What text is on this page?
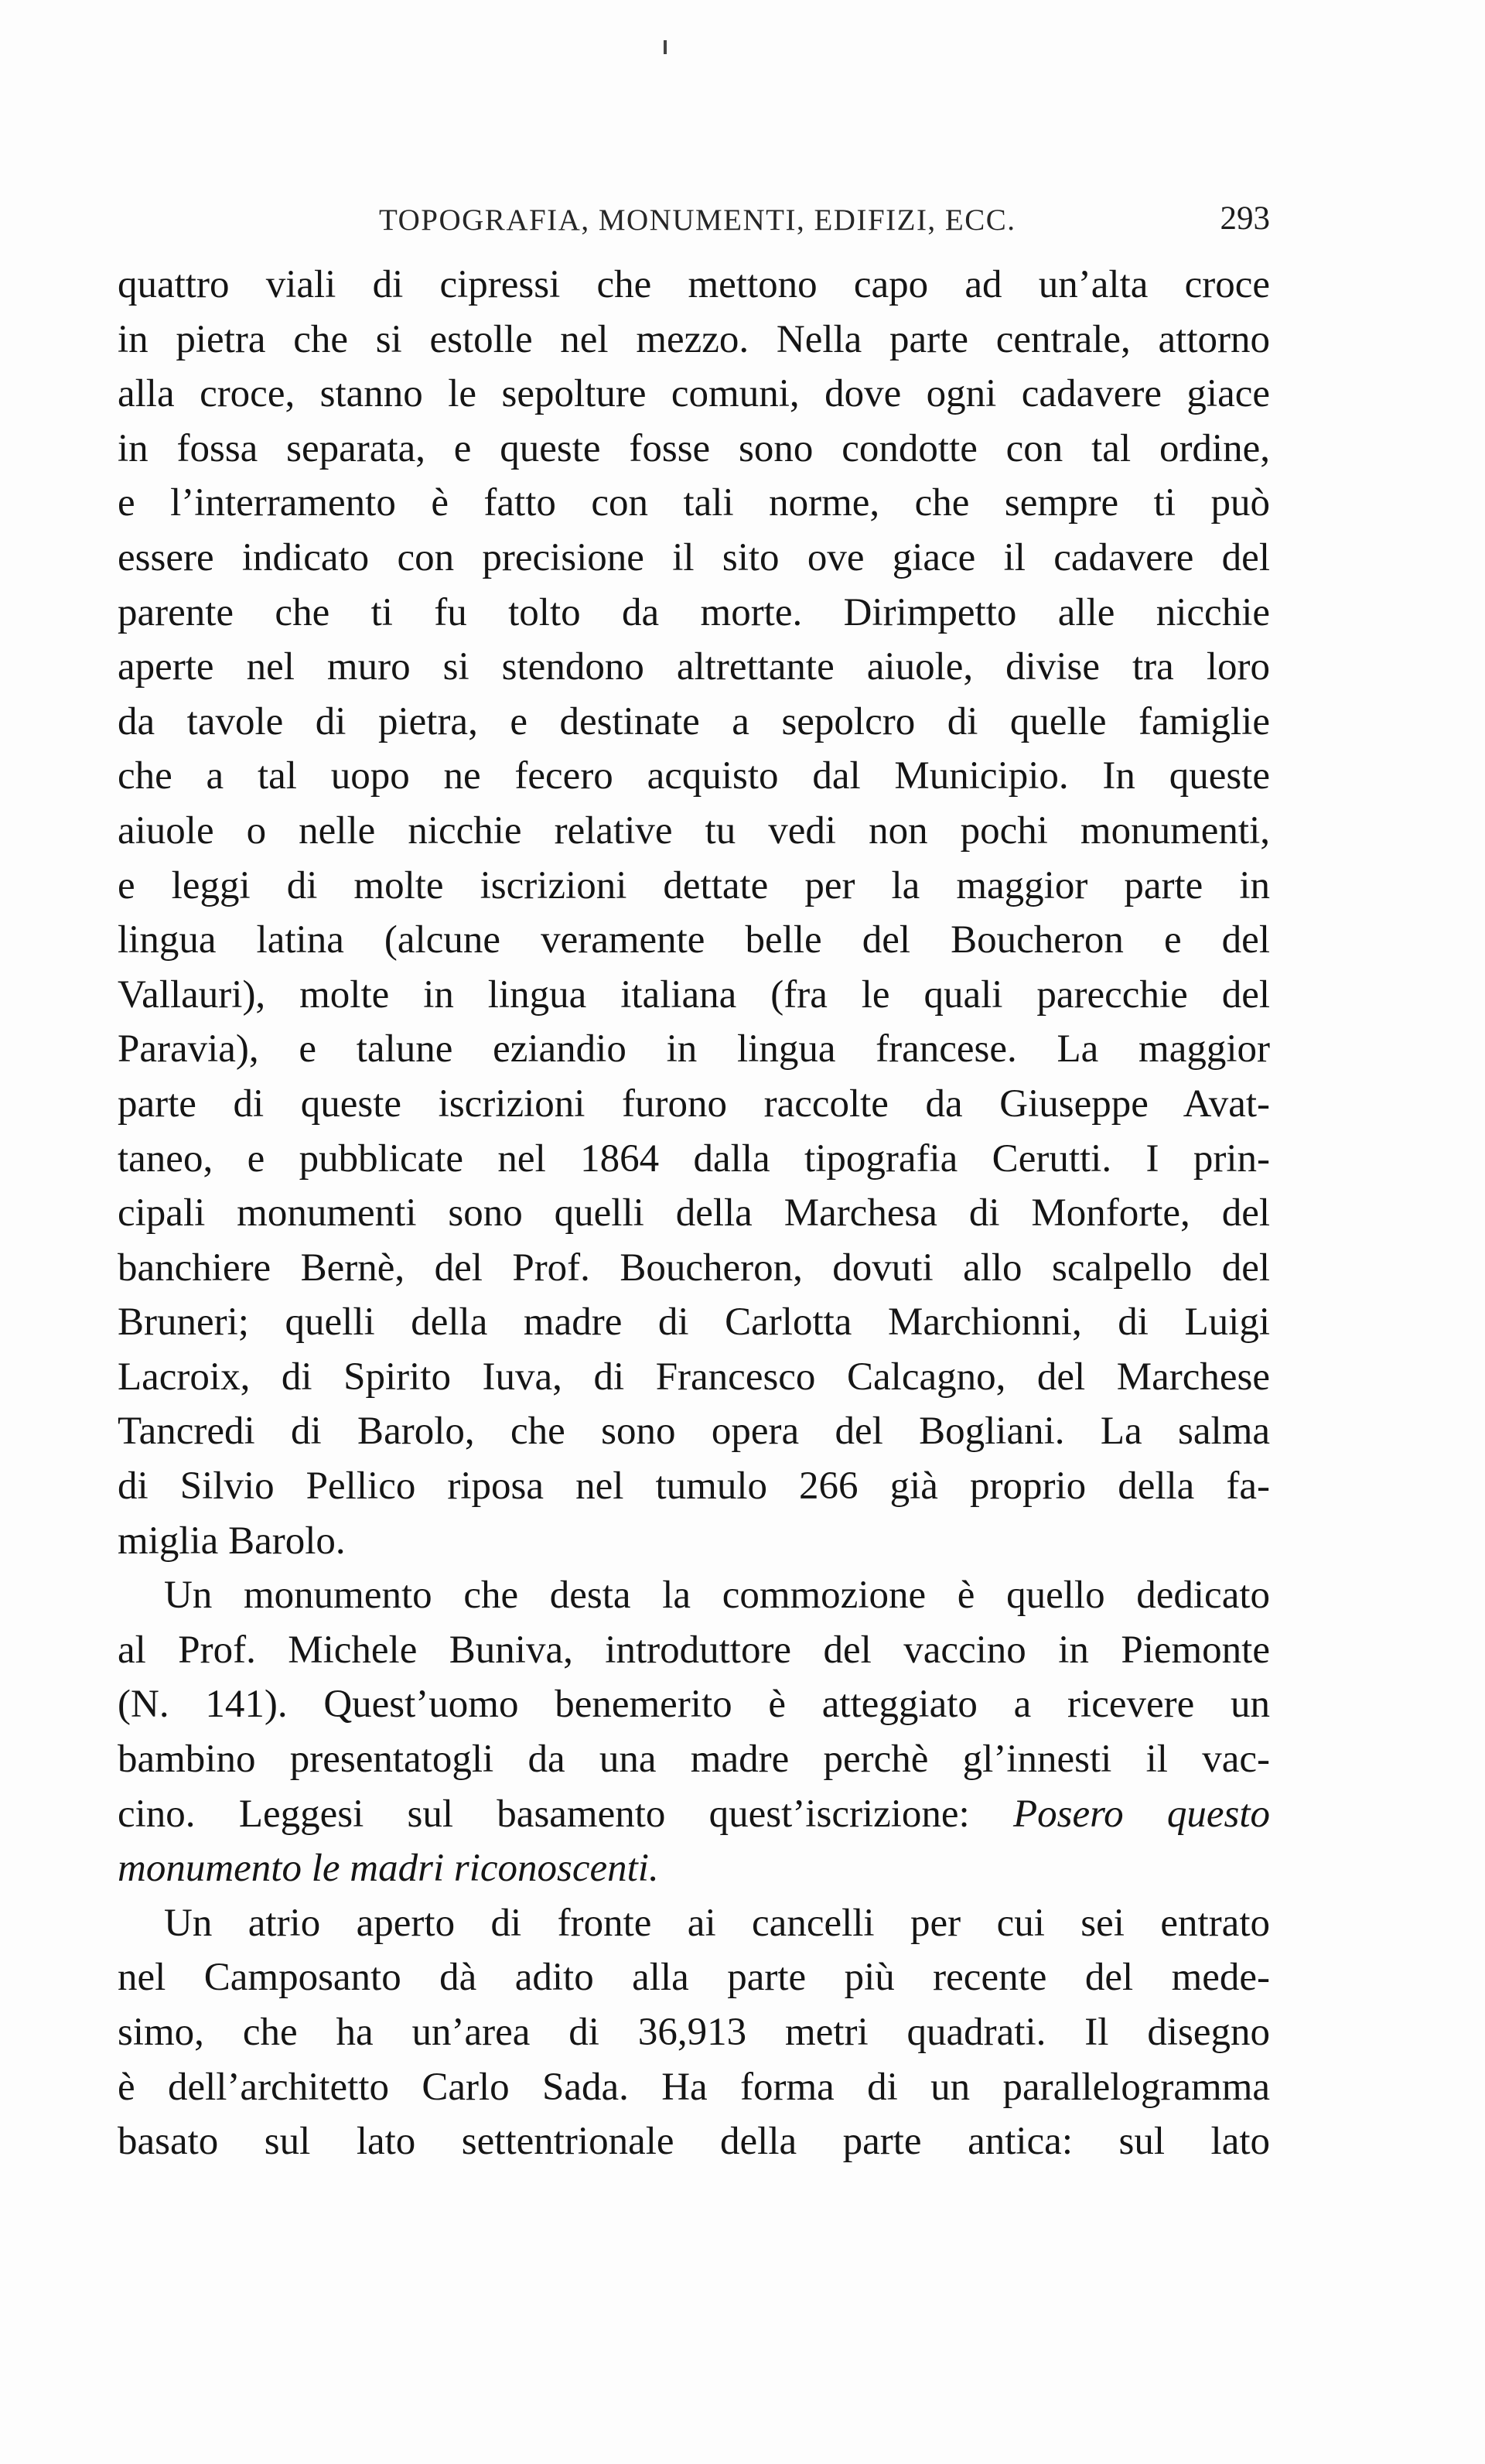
TOPOGRAFIA, MONUMENTI, EDIFIZI, ECC.	293
quattro viali di cipressi che mettono capo ad un’alta croce
in pietra che si estolle nel mezzo. Nella parte centrale, attorno
alla croce, stanno le sepolture comuni, dove ogni cadavere giace
in fossa separata, e queste fosse sono condotte con tal ordine,
e l’interramento è fatto con tali norme, che sempre ti può
essere indicato con precisione il sito ove giace il cadavere del
parente che ti fu tolto da morte. Dirimpetto alle nicchie
aperte nel muro si stendono altrettante aiuole, divise tra loro
da tavole di pietra, e destinate a sepolcro di quelle famiglie
che a tal uopo ne fecero acquisto dal Municipio. In queste
aiuole o nelle nicchie relative tu vedi non pochi monumenti,
e leggi di molte iscrizioni dettate per la maggior parte in
lingua latina (alcune veramente belle del Boucheron e del
Vallauri), molte in lingua italiana (fra le quali parecchie del
Paravia), e talune eziandio in lingua francese. La maggior
parte di queste iscrizioni furono raccolte da Giuseppe Avat-
taneo, e pubblicate nel 1864 dalla tipografia Cerutti. I prin-
cipali monumenti sono quelli della Marchesa di Monforte, del
banchiere Bernè, del Prof. Boucheron, dovuti allo scalpello del
Bruneri; quelli della madre di Carlotta Marchionni, di Luigi
Lacroix, di Spirito Iuva, di Francesco Calcagno, del Marchese
Tancredi di Barolo, che sono opera del Bogliani. La salma
di Silvio Pellico riposa nel tumulo 266 già proprio della fa-
miglia Barolo.
Un monumento che desta la commozione è quello dedicato
al Prof. Michele Buniva, introduttore del vaccino in Piemonte
(N. 141). Quest’uomo benemerito è atteggiato a ricevere un
bambino presentatogli da una madre perchè gl’innesti il vac-
cino. Leggesi sul basamento quest’iscrizione: Posero questo
monumento le madri riconoscenti.
Un atrio aperto di fronte ai cancelli per cui sei entrato
nel Camposanto dà adito alla parte più recente del mede-
simo, che ha un’area di 36,913 metri quadrati. Il disegno
è dell’architetto Carlo Sada. Ha forma di un parallelogramma
basato sul lato settentrionale della parte antica: sul lato
